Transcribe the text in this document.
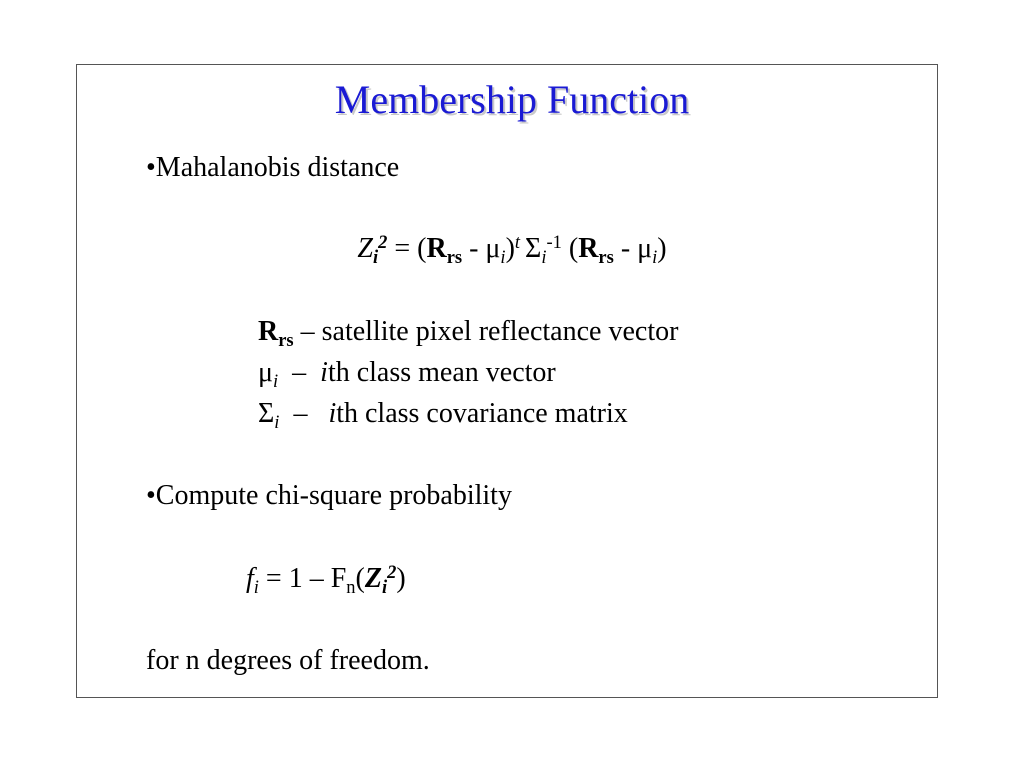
Membership Function
•Mahalanobis distance
$Z_i^2 = (R_{rs} - \mu_i)^t$ $\Sigma_i^{-1}$ $(R_{rs} - \mu_i)$
$R_{rs}$ – satellite pixel reflectance vector
$\mu_i$  –  ith class mean vector
$\Sigma_i$  –   ith class covariance matrix
•Compute chi-square probability
$f_i = 1 - F_n(Z_i^2)$
for n degrees of freedom.
